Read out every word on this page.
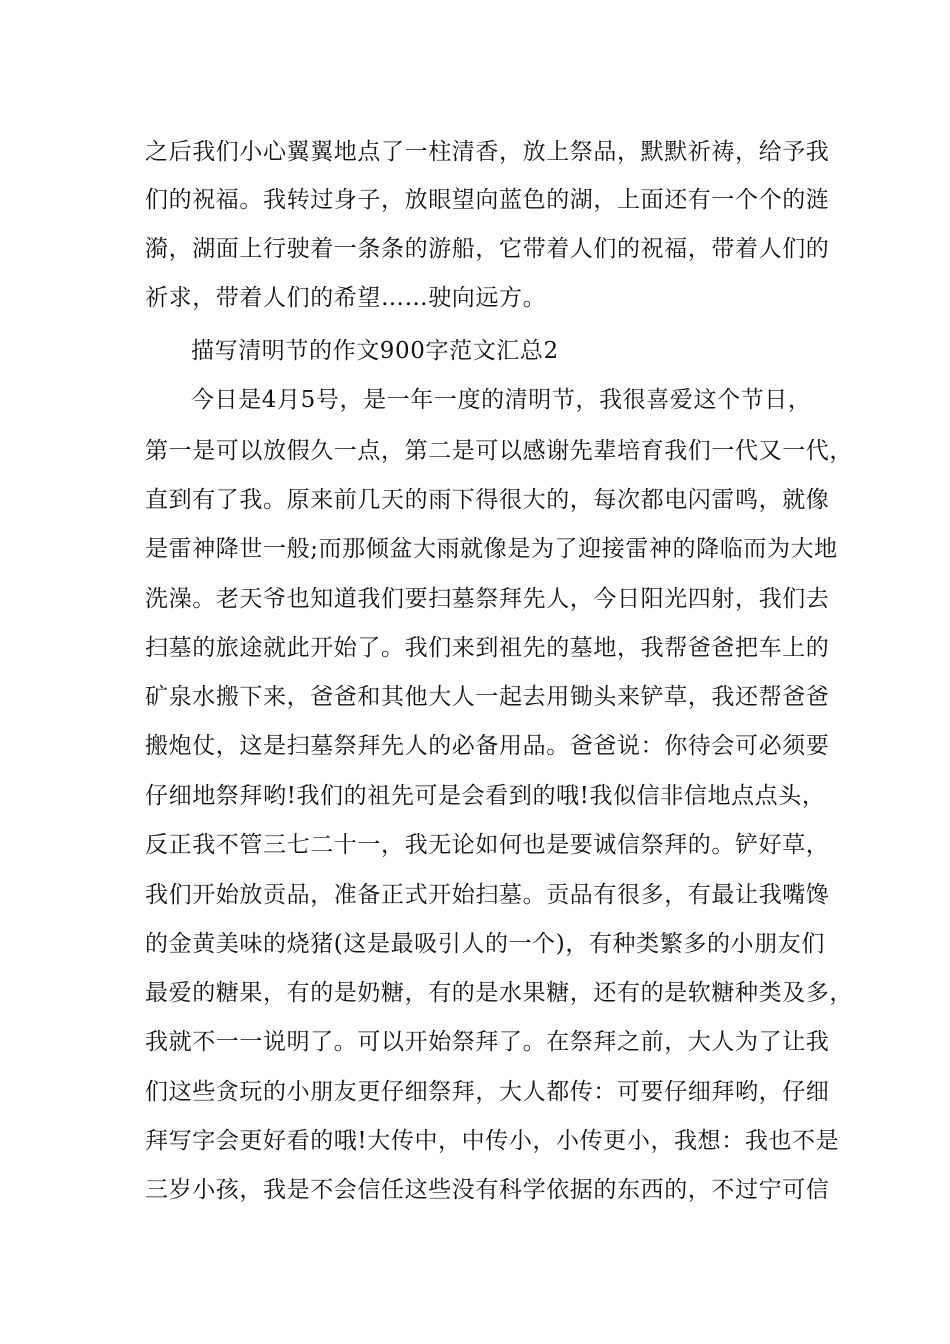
之后我们小心翼翼地点了一柱清香，放上祭品，默默祈祷，给予我
们的祝福。我转过身子，放眼望向蓝色的湖，上面还有一个个的涟
漪，湖面上行驶着一条条的游船，它带着人们的祝福，带着人们的
祈求，带着人们的希望……驶向远方。
描写清明节的作文900字范文汇总2
今日是4月5号，是一年一度的清明节，我很喜爱这个节日，
第一是可以放假久一点，第二是可以感谢先辈培育我们一代又一代，
直到有了我。原来前几天的雨下得很大的，每次都电闪雷鸣，就像
是雷神降世一般;而那倾盆大雨就像是为了迎接雷神的降临而为大地
洗澡。老天爷也知道我们要扫墓祭拜先人，今日阳光四射，我们去
扫墓的旅途就此开始了。我们来到祖先的墓地，我帮爸爸把车上的
矿泉水搬下来，爸爸和其他大人一起去用锄头来铲草，我还帮爸爸
搬炮仗，这是扫墓祭拜先人的必备用品。爸爸说：你待会可必须要
仔细地祭拜哟!我们的祖先可是会看到的哦!我似信非信地点点头，
反正我不管三七二十一，我无论如何也是要诚信祭拜的。铲好草，
我们开始放贡品，准备正式开始扫墓。贡品有很多，有最让我嘴馋
的金黄美味的烧猪(这是最吸引人的一个)，有种类繁多的小朋友们
最爱的糖果，有的是奶糖，有的是水果糖，还有的是软糖种类及多，
我就不一一说明了。可以开始祭拜了。在祭拜之前，大人为了让我
们这些贪玩的小朋友更仔细祭拜，大人都传：可要仔细拜哟，仔细
拜写字会更好看的哦!大传中，中传小，小传更小，我想：我也不是
三岁小孩，我是不会信任这些没有科学依据的东西的，不过宁可信
